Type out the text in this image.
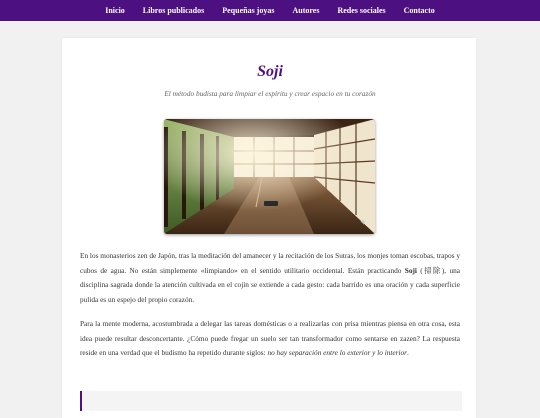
Inicio Libros publicados Pequeñas joyas Autores Redes sociales Contacto
Soji

El método budista para limpiar el espíritu y crear espacio en tu corazón

✦

En los monasterios zen de Japón, tras la meditación del amanecer y la recitación de los Sutras, los monjes toman escobas, trapos y cubos de agua. No están simplemente «limpiando» en el sentido utilitario occidental. Están practicando Soji (掃除), una disciplina sagrada donde la atención cultivada en el cojín se extiende a cada gesto: cada barrido es una oración y cada superficie pulida es un espejo del propio corazón.

Para la mente moderna, acostumbrada a delegar las tareas domésticas o a realizarlas con prisa mientras piensa en otra cosa, esta idea puede resultar desconcertante. ¿Cómo puede fregar un suelo ser tan transformador como sentarse en zazen? La respuesta reside en una verdad que el budismo ha repetido durante siglos: no hay separación entre lo exterior y lo interior.
